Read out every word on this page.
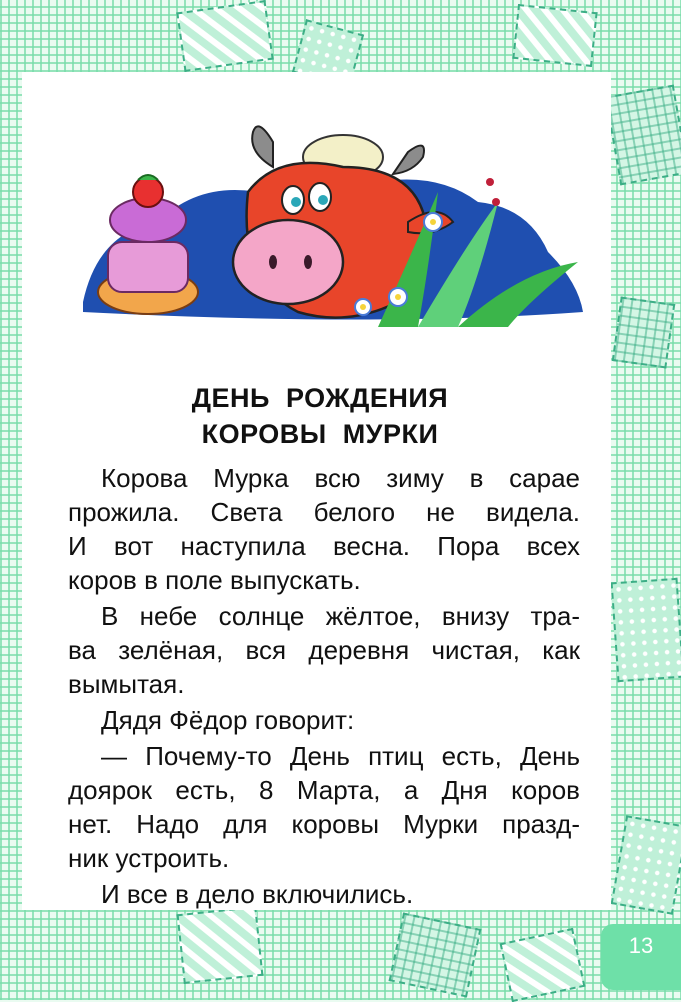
ДЕНЬ РОЖДЕНИЯ
КОРОВЫ МУРКИ

Корова Мурка всю зиму в сарае
прожила. Света белого не видела.
И вот наступила весна. Пора всех
коров в поле выпускать.

В небе солнце жёлтое, внизу тра-
ва зелёная, вся деревня чистая, как
вымытая.

Дядя Фёдор говорит:

— Почему-то День птиц есть, День
доярок есть, 8 Марта, а Дня коров
нет. Надо для коровы Мурки празд-
ник устроить.

И все в дело включились.

13
